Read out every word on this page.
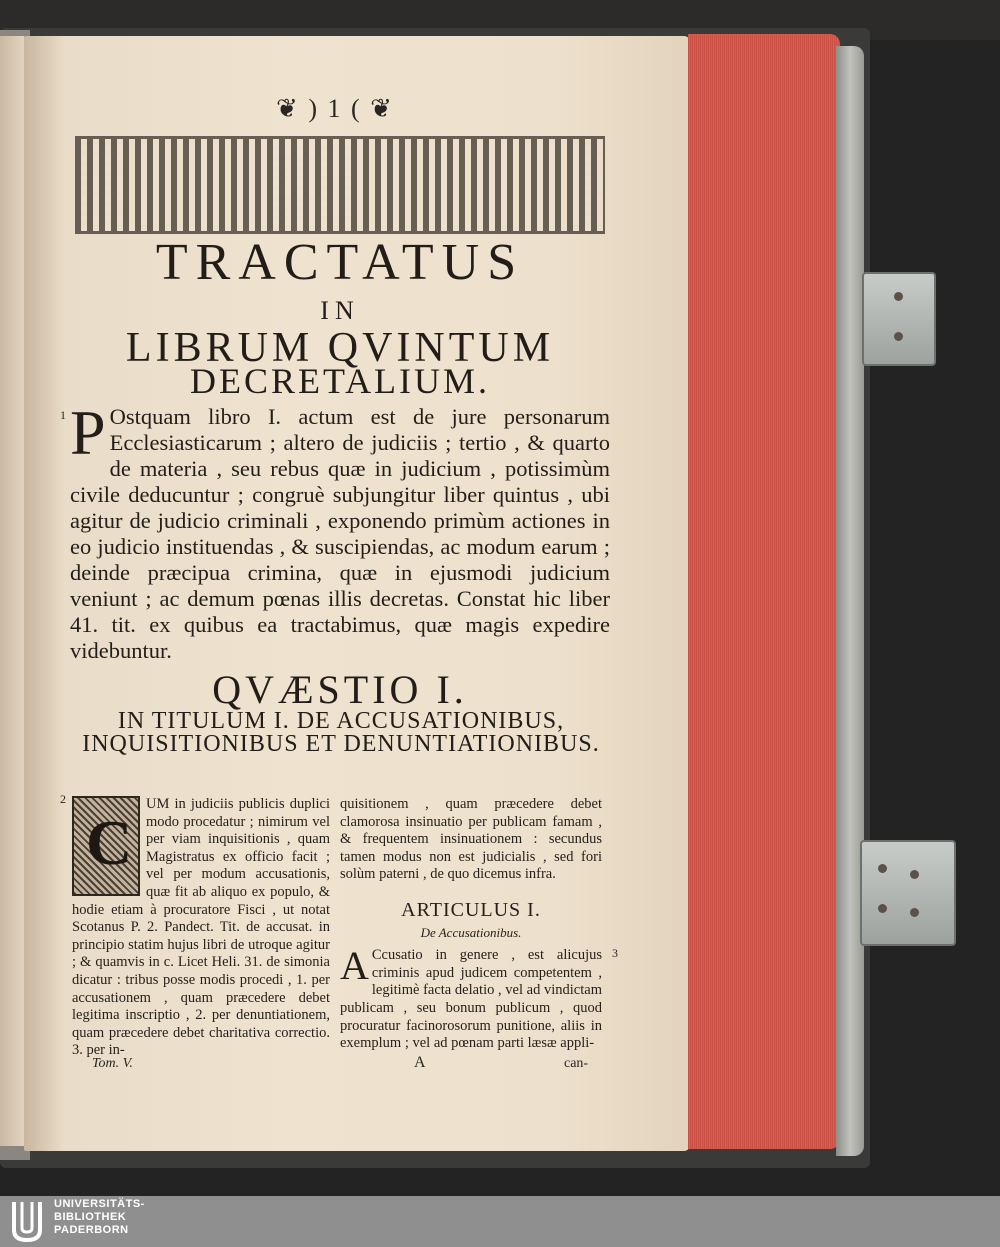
❦ ) 1 ( ❦
TRACTATUS
IN
LIBRUM QVINTUM
DECRETALIUM.
1 P Ostquam libro I. actum est de jure personarum Ecclesiasticarum ; altero de judiciis ; tertio , & quarto de materia , seu rebus quæ in judicium , potissimùm civile deducuntur ; congruè subjungitur liber quintus , ubi agitur de judicio criminali , exponendo primùm actiones in eo judicio instituendas , & suscipiendas, ac modum earum ; deinde præcipua crimina, quæ in ejusmodi judicium veniunt ; ac demum pœnas illis decretas. Constat hic liber 41. tit. ex quibus ea tractabimus, quæ magis expedire videbuntur.
QVÆSTIO I.
IN TITULUM I. DE ACCUSATIONIBUS, INQUISITIONIBUS ET DENUNTIATIONIBUS.
2
C
UM in judiciis publicis duplici modo procedatur ; nimirum vel per viam inquisitionis , quam Magistratus ex officio facit ; vel per modum accusationis, quæ fit ab aliquo ex populo, & hodie etiam à procuratore Fisci , ut notat Scotanus P. 2. Pandect. Tit. de accusat. in principio statim hujus libri de utroque agitur ; & quamvis in c. Licet Heli. 31. de simonia dicatur : tribus posse modis procedi , 1. per accusationem , quam præcedere debet legitima inscriptio , 2. per denuntiationem, quam præcedere debet charitativa correctio. 3. per in-
quisitionem , quam præcedere debet clamorosa insinuatio per publicam famam , & frequentem insinuationem : secundus tamen modus non est judicialis , sed fori solùm paterni , de quo dicemus infra.
ARTICULUS I.
De Accusationibus.
A Ccusatio in genere , est alicujus criminis apud judicem competentem , legitimè facta delatio , vel ad vindictam publicam , seu bonum publicum , quod procuratur facinorosorum punitione, aliis in exemplum ; vel ad pœnam parti læsæ appli-
3
Tom. V.	A	can-
UNIVERSITÄTS-
BIBLIOTHEK
PADERBORN
